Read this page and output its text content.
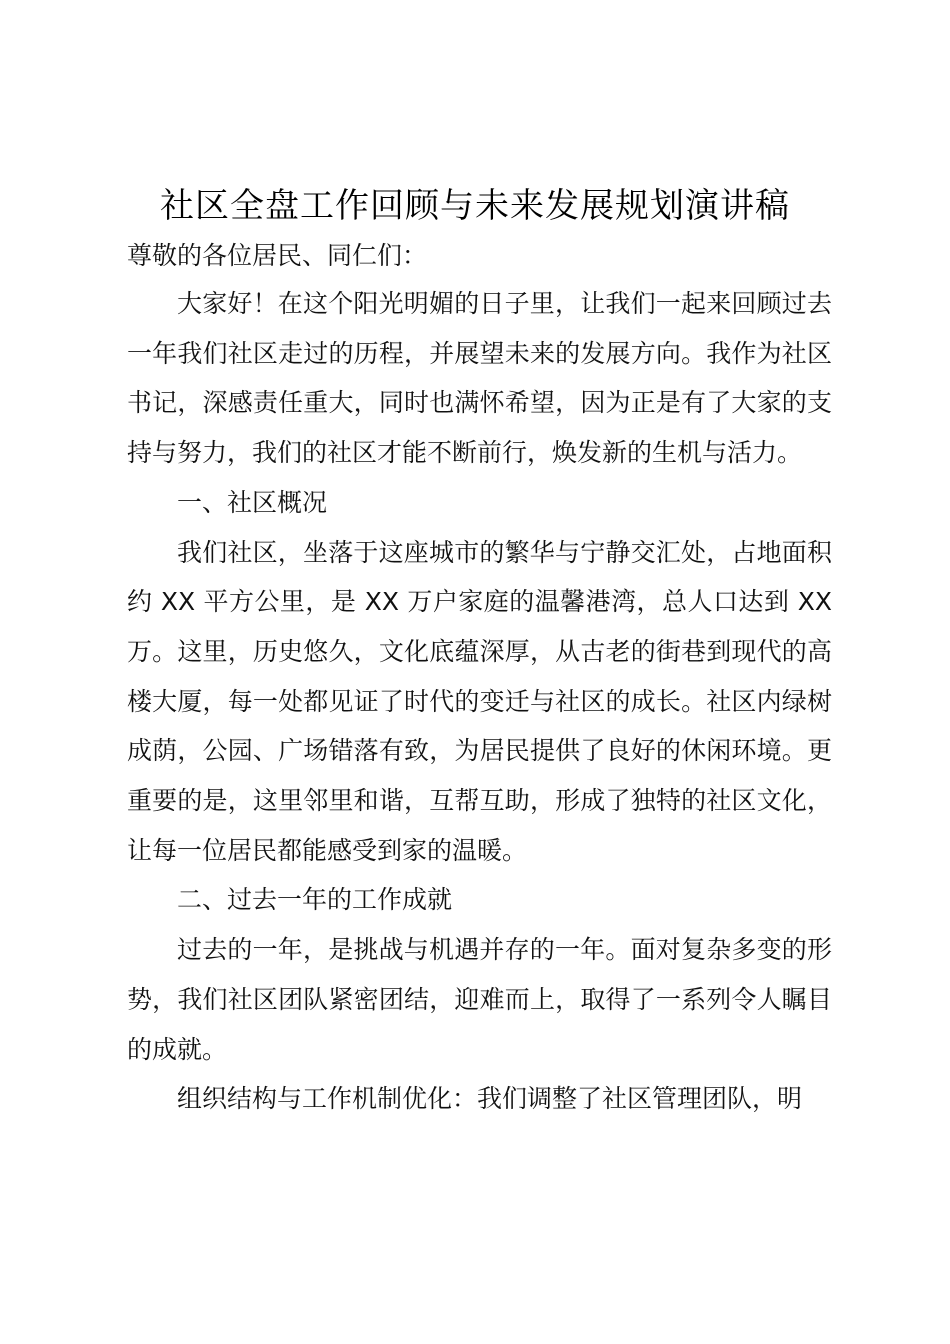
社区全盘工作回顾与未来发展规划演讲稿
尊敬的各位居民、同仁们：

大家好！在这个阳光明媚的日子里，让我们一起来回顾过去一年我们社区走过的历程，并展望未来的发展方向。我作为社区书记，深感责任重大，同时也满怀希望，因为正是有了大家的支持与努力，我们的社区才能不断前行，焕发新的生机与活力。

一、社区概况

我们社区，坐落于这座城市的繁华与宁静交汇处，占地面积约 XX 平方公里，是 XX 万户家庭的温馨港湾，总人口达到 XX 万。这里，历史悠久，文化底蕴深厚，从古老的街巷到现代的高楼大厦，每一处都见证了时代的变迁与社区的成长。社区内绿树成荫，公园、广场错落有致，为居民提供了良好的休闲环境。更重要的是，这里邻里和谐，互帮互助，形成了独特的社区文化，让每一位居民都能感受到家的温暖。

二、过去一年的工作成就

过去的一年，是挑战与机遇并存的一年。面对复杂多变的形势，我们社区团队紧密团结，迎难而上，取得了一系列令人瞩目的成就。

组织结构与工作机制优化：我们调整了社区管理团队，明
